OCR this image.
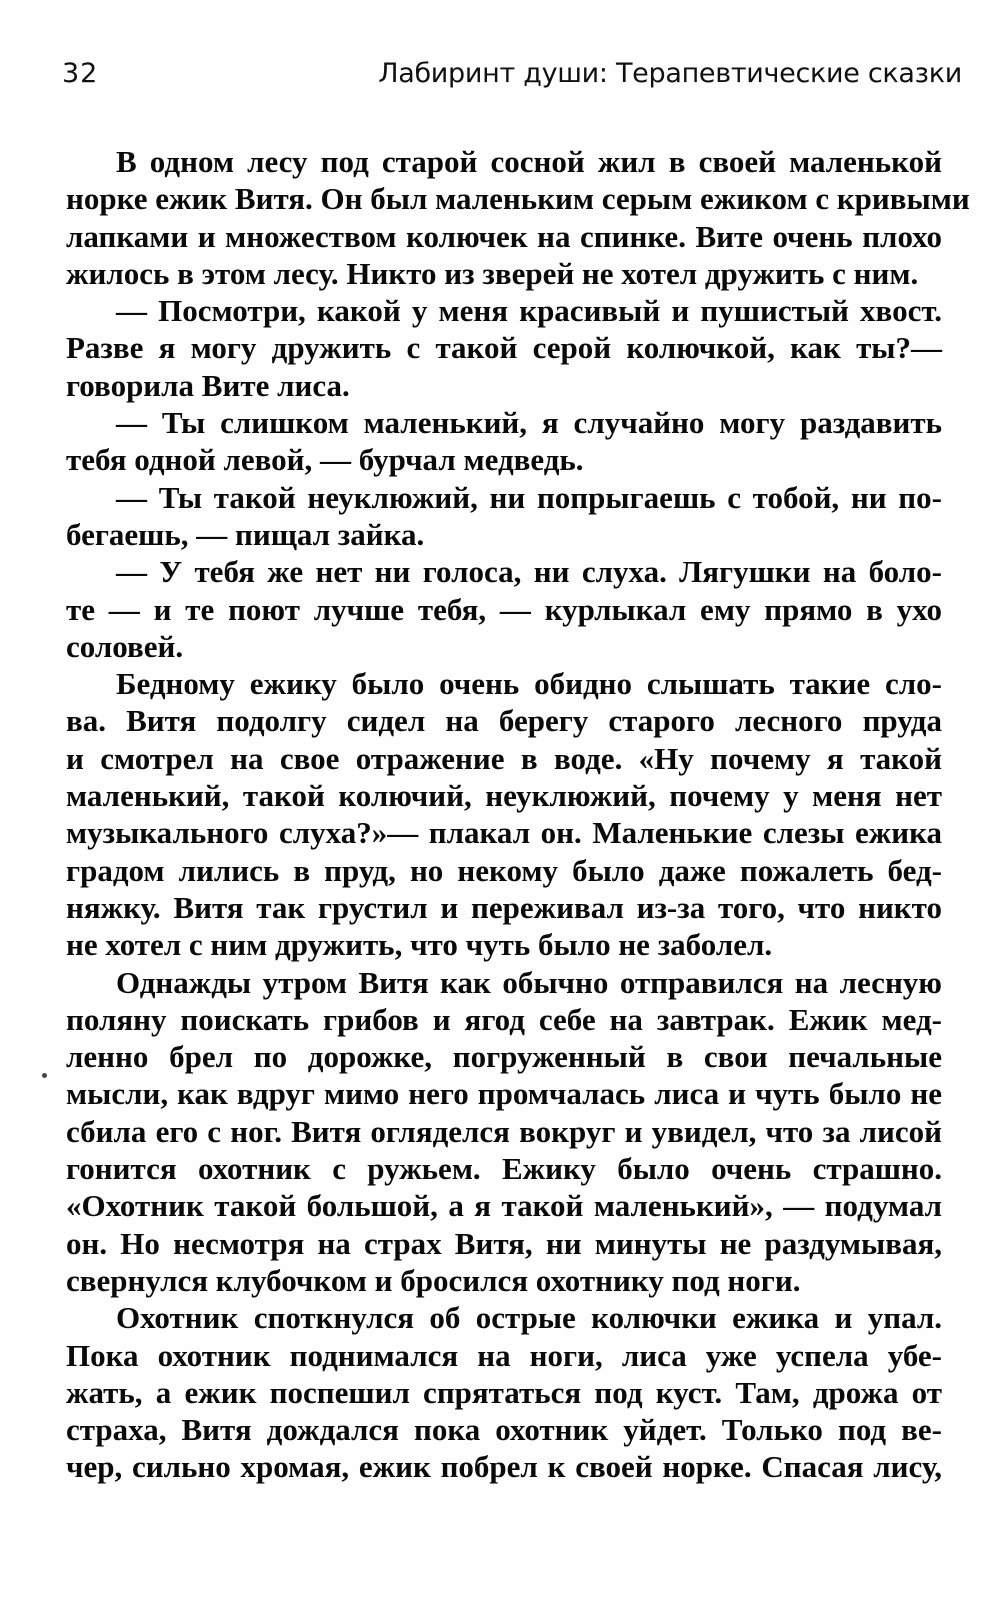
32	Лабиринт души: Терапевтические сказки
В одном лесу под старой сосной жил в своей маленькой
норке ежик Витя. Он был маленьким серым ежиком с кривыми
лапками и множеством колючек на спинке. Вите очень плохо
жилось в этом лесу. Никто из зверей не хотел дружить с ним.
— Посмотри, какой у меня красивый и пушистый хвост.
Разве я могу дружить с такой серой колючкой, как ты?—
говорила Вите лиса.
— Ты слишком маленький, я случайно могу раздавить
тебя одной левой, — бурчал медведь.
— Ты такой неуклюжий, ни попрыгаешь с тобой, ни по-
бегаешь, — пищал зайка.
— У тебя же нет ни голоса, ни слуха. Лягушки на боло-
те — и те поют лучше тебя, — курлыкал ему прямо в ухо
соловей.
Бедному ежику было очень обидно слышать такие сло-
ва. Витя подолгу сидел на берегу старого лесного пруда
и смотрел на свое отражение в воде. «Ну почему я такой
маленький, такой колючий, неуклюжий, почему у меня нет
музыкального слуха?»— плакал он. Маленькие слезы ежика
градом лились в пруд, но некому было даже пожалеть бед-
няжку. Витя так грустил и переживал из-за того, что никто
не хотел с ним дружить, что чуть было не заболел.
Однажды утром Витя как обычно отправился на лесную
поляну поискать грибов и ягод себе на завтрак. Ежик мед-
ленно брел по дорожке, погруженный в свои печальные
мысли, как вдруг мимо него промчалась лиса и чуть было не
сбила его с ног. Витя огляделся вокруг и увидел, что за лисой
гонится охотник с ружьем. Ежику было очень страшно.
«Охотник такой большой, а я такой маленький», — подумал
он. Но несмотря на страх Витя, ни минуты не раздумывая,
свернулся клубочком и бросился охотнику под ноги.
Охотник споткнулся об острые колючки ежика и упал.
Пока охотник поднимался на ноги, лиса уже успела убе-
жать, а ежик поспешил спрятаться под куст. Там, дрожа от
страха, Витя дождался пока охотник уйдет. Только под ве-
чер, сильно хромая, ежик побрел к своей норке. Спасая лису,
